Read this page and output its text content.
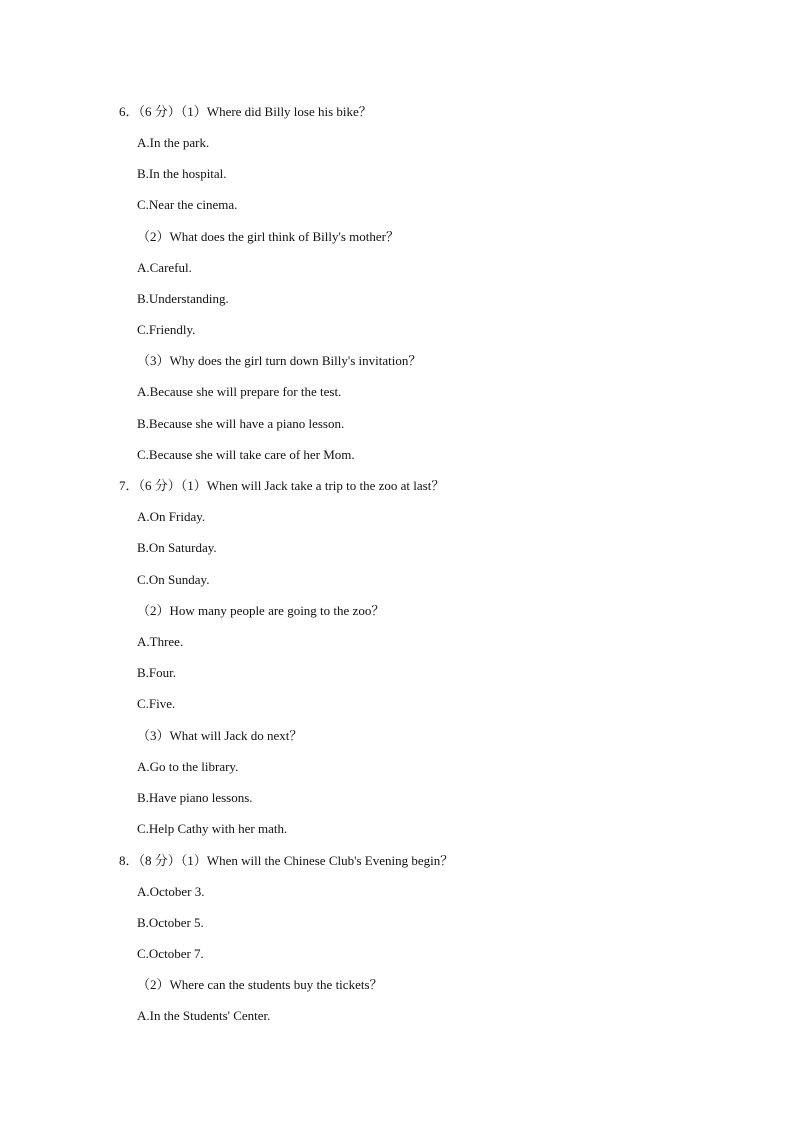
6．（6 分）（1）Where did Billy lose his bike？
A.In the park.
B.In the hospital.
C.Near the cinema.
（2）What does the girl think of Billy's mother？
A.Careful.
B.Understanding.
C.Friendly.
（3）Why does the girl turn down Billy's invitation？
A.Because she will prepare for the test.
B.Because she will have a piano lesson.
C.Because she will take care of her Mom.
7．（6 分）（1）When will Jack take a trip to the zoo at last？
A.On Friday.
B.On Saturday.
C.On Sunday.
（2）How many people are going to the zoo？
A.Three.
B.Four.
C.Five.
（3）What will Jack do next？
A.Go to the library.
B.Have piano lessons.
C.Help Cathy with her math.
8．（8 分）（1）When will the Chinese Club's Evening begin？
A.October 3.
B.October 5.
C.October 7.
（2）Where can the students buy the tickets？
A.In the Students' Center.
